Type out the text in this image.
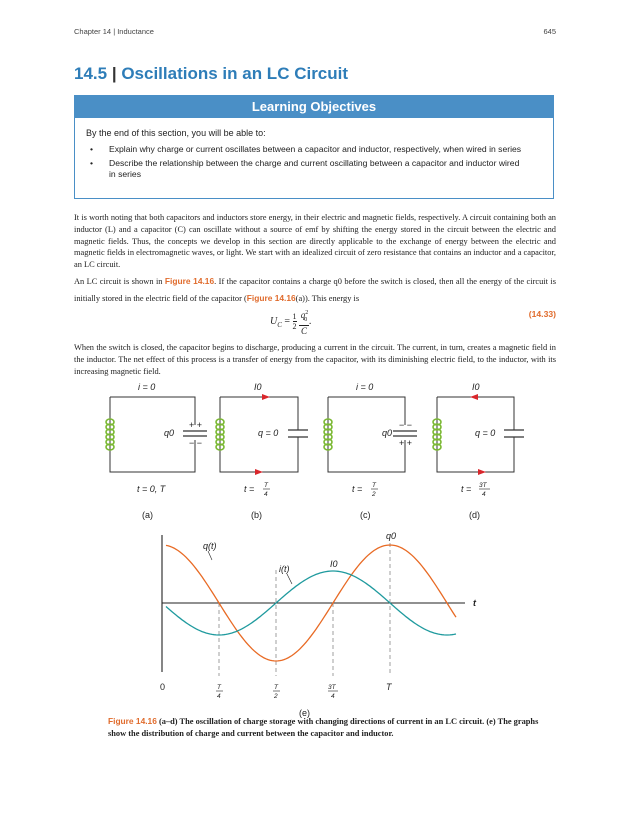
Chapter 14 | Inductance	645
14.5 | Oscillations in an LC Circuit
Learning Objectives
By the end of this section, you will be able to:
• Explain why charge or current oscillates between a capacitor and inductor, respectively, when wired in series
• Describe the relationship between the charge and current oscillating between a capacitor and inductor wired in series
It is worth noting that both capacitors and inductors store energy, in their electric and magnetic fields, respectively. A circuit containing both an inductor (L) and a capacitor (C) can oscillate without a source of emf by shifting the energy stored in the circuit between the electric and magnetic fields. Thus, the concepts we develop in this section are directly applicable to the exchange of energy between the electric and magnetic fields in electromagnetic waves, or light. We start with an idealized circuit of zero resistance that contains an inductor and a capacitor, an LC circuit.
An LC circuit is shown in Figure 14.16. If the capacitor contains a charge q0 before the switch is closed, then all the energy of the circuit is initially stored in the electric field of the capacitor (Figure 14.16(a)). This energy is
$U_C = \frac{1}{2}$
$\frac{q^2_0}{C}$ .
(14.33)
When the switch is closed, the capacitor begins to discharge, producing a current in the circuit. The current, in turn, creates a magnetic field in the inductor. The net effect of this process is a transfer of energy from the capacitor, with its diminishing electric field, to the inductor, with its increasing magnetic field.
+ +
− −
i = 0
q0
t = 0, T
(a)
I0
q = 0
t = T
4
(b)
− −
+ +
i = 0
q0
t = T
2
(c)
I0
q = 0
t = 3T
4
(d)
t
0	T
4
T
2
3T
4
T
q(t)
i(t)	I0
q0
(e)
Figure 14.16 (a–d) The oscillation of charge storage with changing directions of current in an LC circuit. (e) The graphs show the distribution of charge and current between the capacitor and inductor.
